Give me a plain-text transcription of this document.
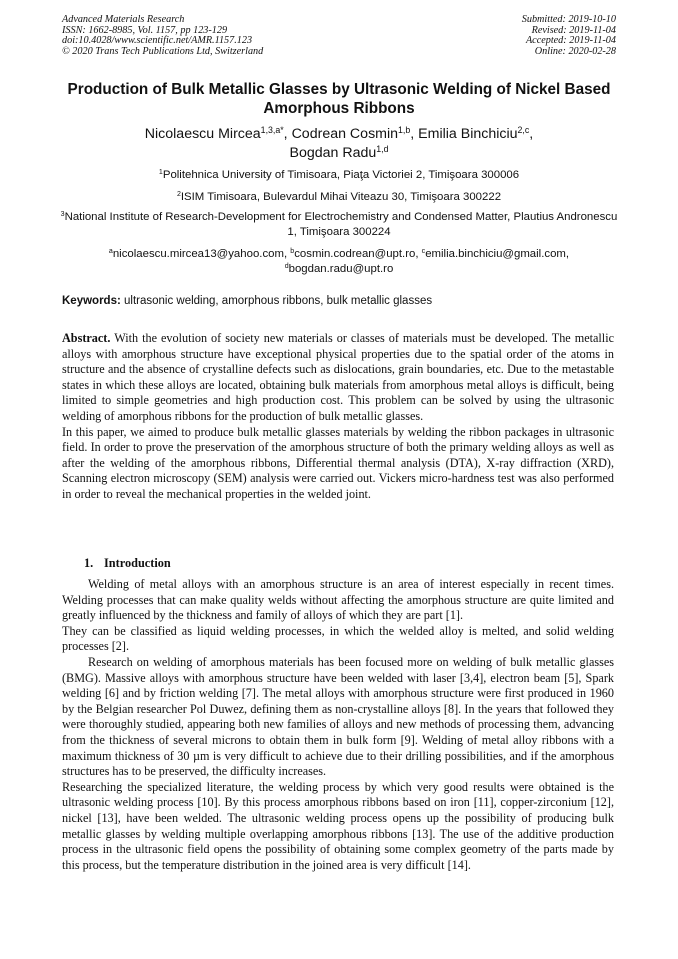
Advanced Materials Research
ISSN: 1662-8985, Vol. 1157, pp 123-129
doi:10.4028/www.scientific.net/AMR.1157.123
© 2020 Trans Tech Publications Ltd, Switzerland
Submitted: 2019-10-10
Revised: 2019-11-04
Accepted: 2019-11-04
Online: 2020-02-28
Production of Bulk Metallic Glasses by Ultrasonic Welding of Nickel Based Amorphous Ribbons
Nicolaescu Mircea$^{1,3,a*}$, Codrean Cosmin$^{1,b}$, Emilia Binchiciu$^{2,c}$,
Bogdan Radu$^{1,d}$
$^1$Politehnica University of Timisoara, Piaţa Victoriei 2, Timişoara 300006
$^2$ISIM Timisoara, Bulevardul Mihai Viteazu 30, Timişoara 300222
$^3$National Institute of Research-Development for Electrochemistry and Condensed Matter, Plautius Andronescu 1, Timişoara 300224
$^a$nicolaescu.mircea13@yahoo.com, $^b$cosmin.codrean@upt.ro, $^c$emilia.binchiciu@gmail.com,
$^d$bogdan.radu@upt.ro
Keywords: ultrasonic welding, amorphous ribbons, bulk metallic glasses

Abstract. With the evolution of society new materials or classes of materials must be developed. The metallic alloys with amorphous structure have exceptional physical properties due to the spatial order of the atoms in structure and the absence of crystalline defects such as dislocations, grain boundaries, etc. Due to the metastable states in which these alloys are located, obtaining bulk materials from amorphous metal alloys is difficult, being limited to simple geometries and high production cost. This problem can be solved by using the ultrasonic welding of amorphous ribbons for the production of bulk metallic glasses.

In this paper, we aimed to produce bulk metallic glasses materials by welding the ribbon packages in ultrasonic field. In order to prove the preservation of the amorphous structure of both the primary welding alloys as well as after the welding of the amorphous ribbons, Differential thermal analysis (DTA), X-ray diffraction (XRD), Scanning electron microscopy (SEM) analysis were carried out. Vickers micro-hardness test was also performed in order to reveal the mechanical properties in the welded joint.

1. Introduction

Welding of metal alloys with an amorphous structure is an area of interest especially in recent times. Welding processes that can make quality welds without affecting the amorphous structure are quite limited and greatly influenced by the thickness and family of alloys of which they are part [1].

They can be classified as liquid welding processes, in which the welded alloy is melted, and solid welding processes [2].

Research on welding of amorphous materials has been focused more on welding of bulk metallic glasses (BMG). Massive alloys with amorphous structure have been welded with laser [3,4], electron beam [5], Spark welding [6] and by friction welding [7]. The metal alloys with amorphous structure were first produced in 1960 by the Belgian researcher Pol Duwez, defining them as non-crystalline alloys [8]. In the years that followed they were thoroughly studied, appearing both new families of alloys and new methods of processing them, advancing from the thickness of several microns to obtain them in bulk form [9]. Welding of metal alloy ribbons with a maximum thickness of 30 µm is very difficult to achieve due to their drilling possibilities, and if the amorphous structures has to be preserved, the difficulty increases.

Researching the specialized literature, the welding process by which very good results were obtained is the ultrasonic welding process [10]. By this process amorphous ribbons based on iron [11], copper-zirconium [12], nickel [13], have been welded. The ultrasonic welding process opens up the possibility of producing bulk metallic glasses by welding multiple overlapping amorphous ribbons [13]. The use of the additive production process in the ultrasonic field opens the possibility of obtaining some complex geometry of the parts made by this process, but the temperature distribution in the joined area is very difficult [14].
